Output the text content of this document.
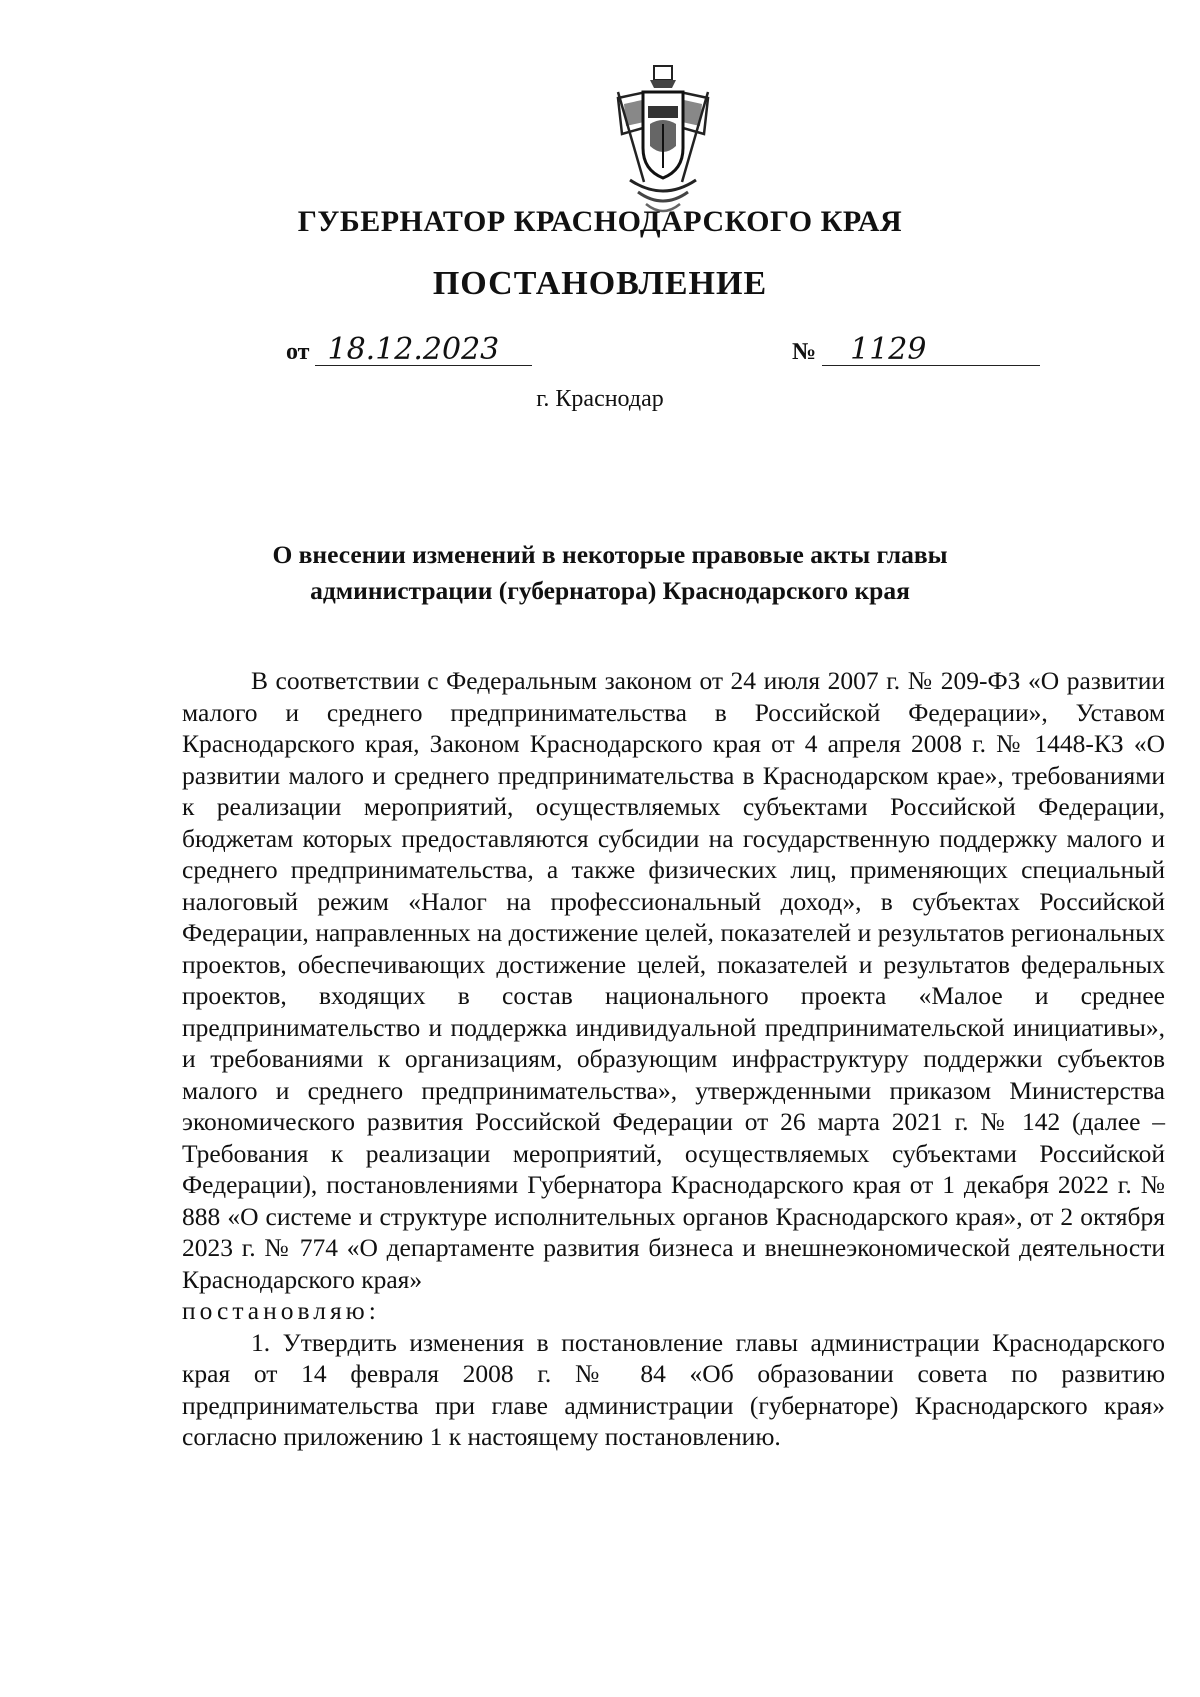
ГУБЕРНАТОР КРАСНОДАРСКОГО КРАЯ
ПОСТАНОВЛЕНИЕ
от 18.12.2023	№ 1129
г. Краснодар
О внесении изменений в некоторые правовые акты главы администрации (губернатора) Краснодарского края

В соответствии с Федеральным законом от 24 июля 2007 г. № 209-ФЗ «О развитии малого и среднего предпринимательства в Российской Федерации», Уставом Краснодарского края, Законом Краснодарского края от 4 апреля 2008 г. № 1448-КЗ «О развитии малого и среднего предпринимательства в Краснодарском крае», требованиями к реализации мероприятий, осуществляемых субъектами Российской Федерации, бюджетам которых предоставляются субсидии на государственную поддержку малого и среднего предпринимательства, а также физических лиц, применяющих специальный налоговый режим «Налог на профессиональный доход», в субъектах Российской Федерации, направленных на достижение целей, показателей и результатов региональных проектов, обеспечивающих достижение целей, показателей и результатов федеральных проектов, входящих в состав национального проекта «Малое и среднее предпринимательство и поддержка индивидуальной предпринимательской инициативы», и требованиями к организациям, образующим инфраструктуру поддержки субъектов малого и среднего предпринимательства», утвержденными приказом Министерства экономического развития Российской Федерации от 26 марта 2021 г. № 142 (далее – Требования к реализации мероприятий, осуществляемых субъектами Российской Федерации), постановлениями Губернатора Краснодарского края от 1 декабря 2022 г. № 888 «О системе и структуре исполнительных органов Краснодарского края», от 2 октября 2023 г. № 774 «О департаменте развития бизнеса и внешнеэкономической деятельности Краснодарского края»

постановляю:

1. Утвердить изменения в постановление главы администрации Краснодарского края от 14 февраля 2008 г. № 84 «Об образовании совета по развитию предпринимательства при главе администрации (губернаторе) Краснодарского края» согласно приложению 1 к настоящему постановлению.
